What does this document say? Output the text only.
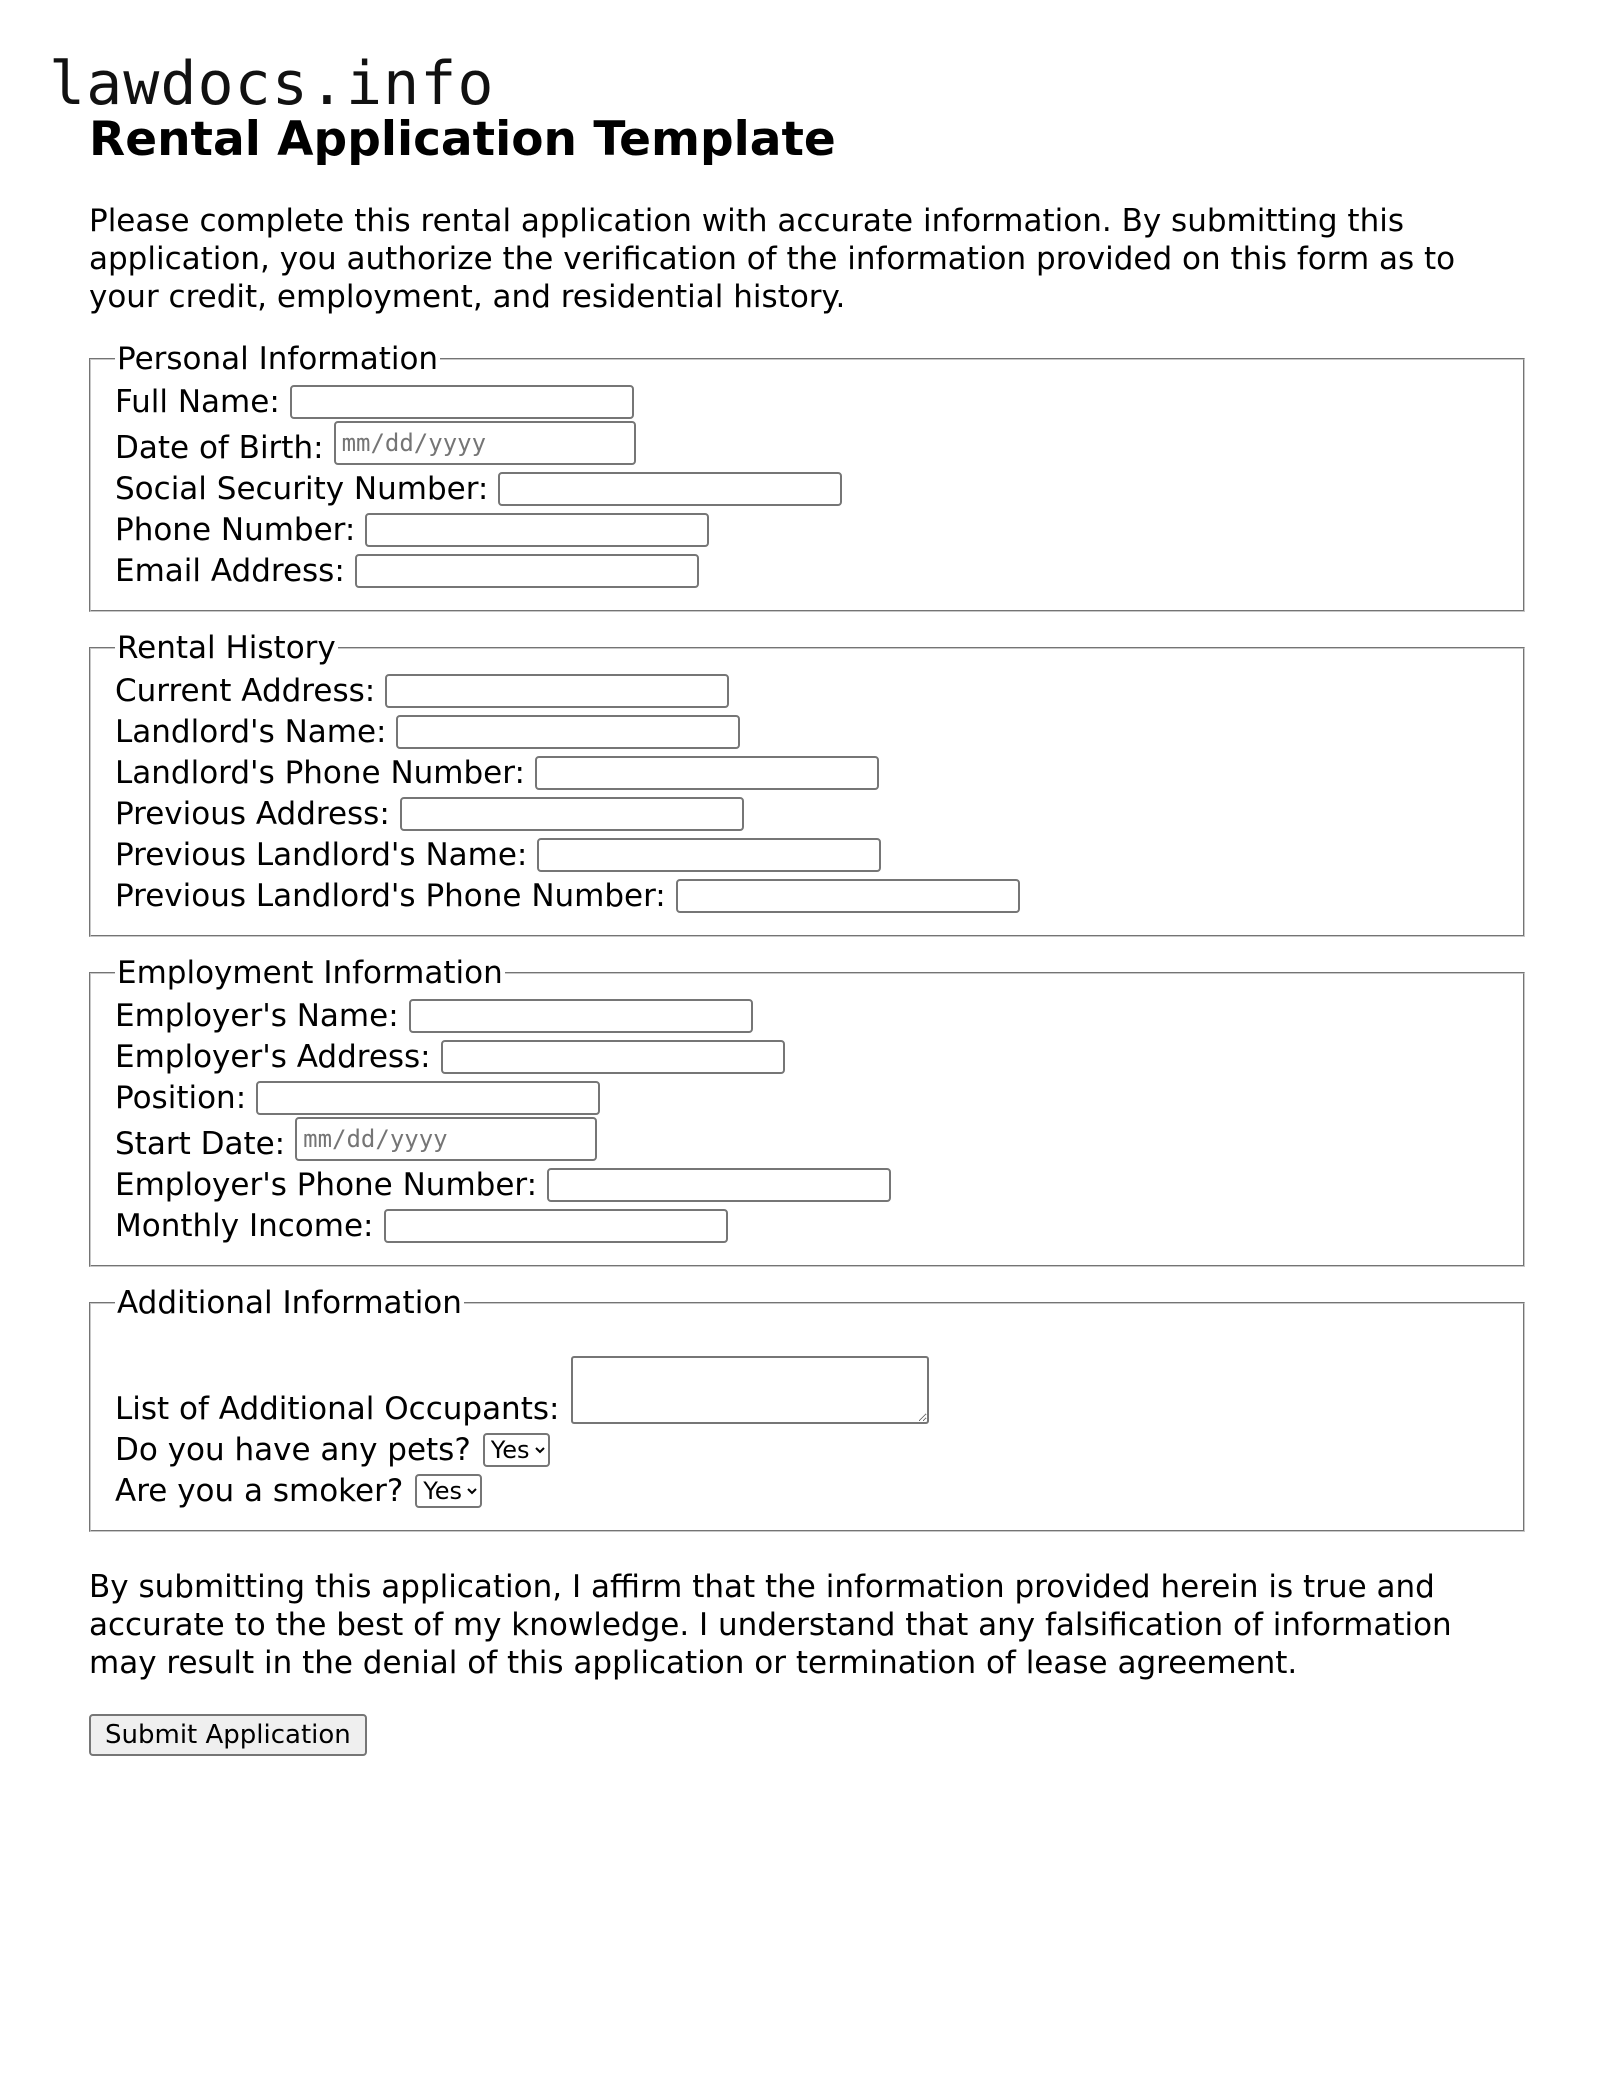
lawdocs.info
Rental Application Template

Please complete this rental application with accurate information. By submitting this application, you authorize the verification of the information provided on this form as to your credit, employment, and residential history.

Personal Information
Full Name:
Date of Birth:
mm/dd/yyyy
Social Security Number:
Phone Number:
Email Address:
Rental History
Current Address:
Landlord's Name:
Landlord's Phone Number:
Previous Address:
Previous Landlord's Name:
Previous Landlord's Phone Number:
Employment Information
Employer's Name:
Employer's Address:
Position:
Start Date:
mm/dd/yyyy
Employer's Phone Number:
Monthly Income:
Additional Information
List of Additional Occupants:
Do you have any pets?
Yes
Are you a smoker?
Yes

By submitting this application, I affirm that the information provided herein is true and accurate to the best of my knowledge. I understand that any falsification of information may result in the denial of this application or termination of lease agreement.

Submit Application
